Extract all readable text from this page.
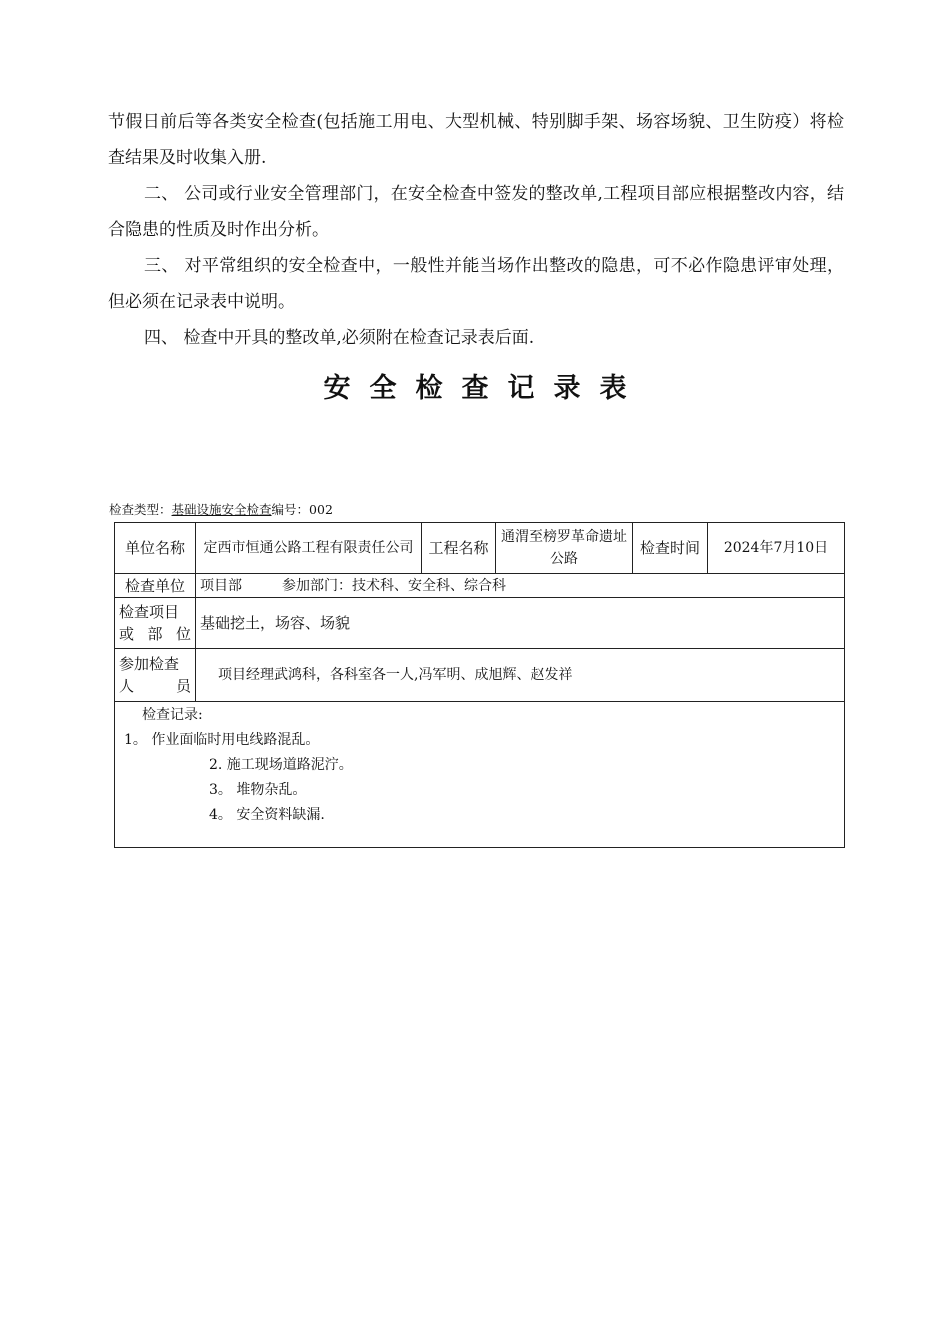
节假日前后等各类安全检查(包括施工用电、大型机械、特别脚手架、场容场貌、卫生防疫）将检查结果及时收集入册.

二、 公司或行业安全管理部门，在安全检查中签发的整改单,工程项目部应根据整改内容，结合隐患的性质及时作出分析。

三、 对平常组织的安全检查中，一般性并能当场作出整改的隐患，可不必作隐患评审处理，但必须在记录表中说明。

四、 检查中开具的整改单,必须附在检查记录表后面.

安全检查记录表
检查类型：基础设施安全检查编号：002
单位名称	定西市恒通公路工程有限责任公司	工程名称	通渭至榜罗革命遗址公路	检查时间	2024年7月10日
检查单位	项目部 参加部门：技术科、安全科、综合科				

检查项目
或 部 位	基础挖土，场容、场貌				

参加检查
人 员	项目经理武鸿科，各科室各一人,冯军明、成旭辉、赵发祥				

检查记录:
1。 作业面临时用电线路混乱。
2. 施工现场道路泥泞。
3。 堆物杂乱。
4。 安全资料缺漏.					
